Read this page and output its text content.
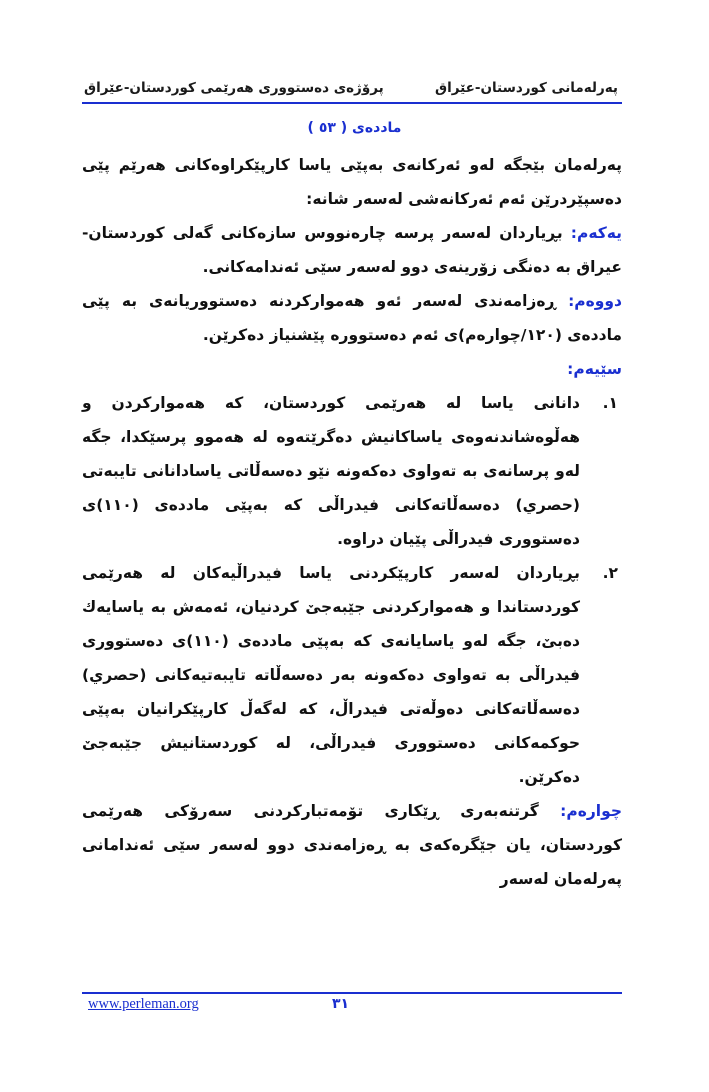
پەرلەمانی کوردستان-عێراق
پرۆژەی دەستووری هەرێمی کوردستان-عێراق
ماددەی ( ٥٣ )

پەرلەمان بێجگە لەو ئەرکانەی بەپێی یاسا کارپێکراوەکانی هەرێم پێی دەسپێردرێن ئەم ئەرکانەشی لەسەر شانە:

یەکەم: بڕیاردان لەسەر پرسە چارەنووس سازەکانی گەلی کوردستان-عیراق بە دەنگی زۆرینەی دوو لەسەر سێی ئەندامەکانی.

دووەم: ڕەزامەندی لەسەر ئەو هەموارکردنە دەستووریانەی بە پێی ماددەی (١٢٠/چوارەم)ی ئەم دەستوورە پێشنیاز دەکرێن.

سێیەم:

١.
دانانی یاسا لە هەرێمی کوردستان، کە هەموارکردن و هەڵوەشاندنەوەی یاساکانیش دەگرێتەوە لە هەموو پرسێکدا، جگە لەو پرسانەی بە تەواوی دەکەونە نێو دەسەڵاتی یاسادانانی تایبەتی (حصري) دەسەڵاتەکانی فیدراڵی کە بەپێی ماددەی (١١٠)ی دەستووری فیدراڵی پێیان دراوە.
٢.
بڕیاردان لەسەر کارپێکردنی یاسا فیدراڵیەکان لە هەرێمی کوردستاندا و هەموارکردنی جێبەجێ کردنیان، ئەمەش بە یاسایەك دەبێ، جگە لەو یاسایانەی کە بەپێی ماددەی (١١٠)ی دەستووری فیدراڵی بە تەواوی دەکەونە بەر دەسەڵاتە تایبەتیەکانی (حصري) دەسەڵاتەکانی دەوڵەتی فیدراڵ، کە لەگەڵ کارپێکرانیان بەپێی حوکمەکانی دەستووری فیدراڵی، لە کوردستانیش جێبەجێ دەکرێن.

چوارەم: گرتنەبەری ڕێکاری تۆمەتبارکردنی سەرۆکی هەرێمی کوردستان، یان جێگرەکەی بە ڕەزامەندی دوو لەسەر سێی ئەندامانی پەرلەمان لەسەر

www.perleman.org	٣١
